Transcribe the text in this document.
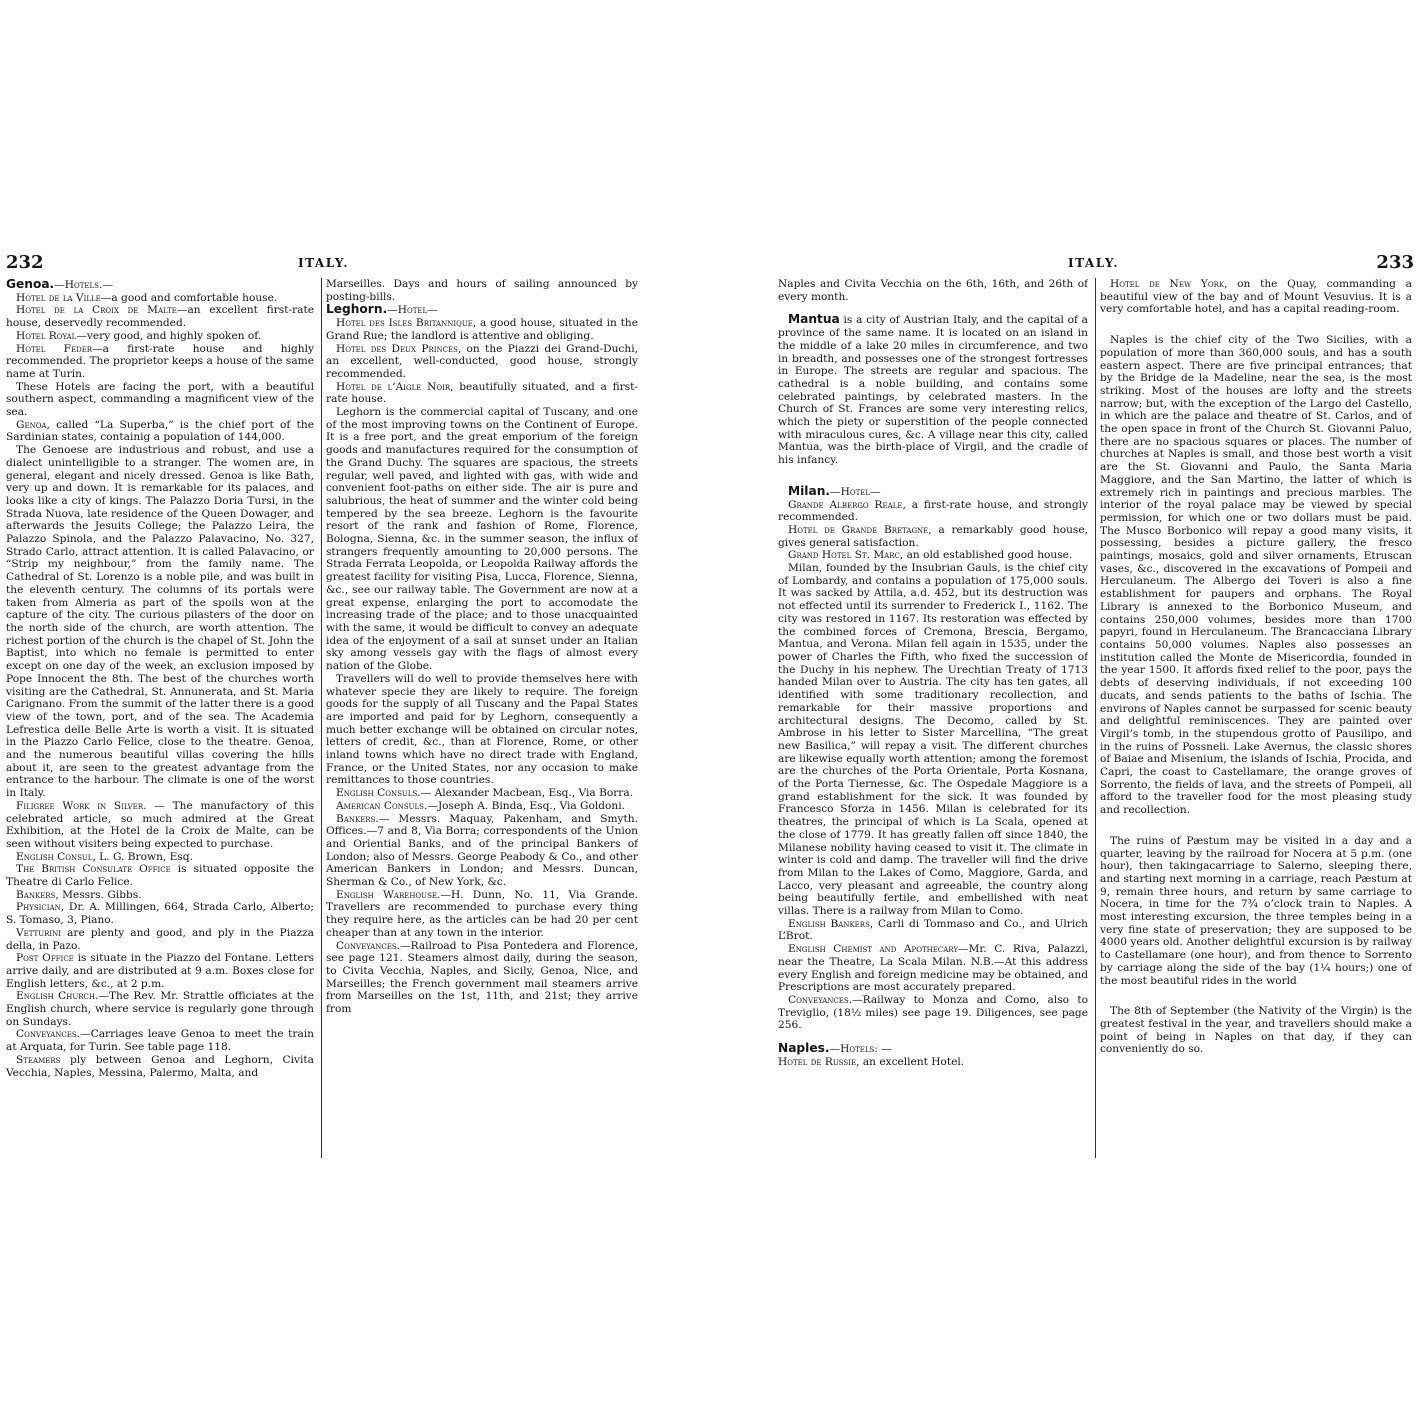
232	ITALY.

Genoa.—Hotels.—

Hotel de la Ville—a good and comfortable house.

Hotel de la Croix de Malte—an excellent first-rate house, deservedly recommended.

Hotel Royal—very good, and highly spoken of.

Hotel Feder—a first-rate house and highly recommended. The proprietor keeps a house of the same name at Turin.

These Hotels are facing the port, with a beautiful southern aspect, commanding a magnificent view of the sea.

Genoa, called “La Superba,” is the chief port of the Sardinian states, containig a population of 144,000.

The Genoese are industrious and robust, and use a dialect unintelligible to a stranger. The women are, in general, elegant and nicely dressed. Genoa is like Bath, very up and down. It is remarkable for its palaces, and looks like a city of kings. The Palazzo Doria Tursi, in the Strada Nuova, late residence of the Queen Dowager, and afterwards the Jesuits College; the Palazzo Leira, the Palazzo Spinola, and the Palazzo Palavacino, No. 327, Strado Carlo, attract attention. It is called Palavacino, or “Strip my neighbour,” from the family name. The Cathedral of St. Lorenzo is a noble pile, and was built in the eleventh century. The columns of its portals were taken from Almeria as part of the spoils won at the capture of the city. The curious pilasters of the door on the north side of the church, are worth attention. The richest portion of the church is the chapel of St. John the Baptist, into which no female is permitted to enter except on one day of the week, an exclusion imposed by Pope Innocent the 8th. The best of the churches worth visiting are the Cathedral, St. Annunerata, and St. Maria Carignano. From the summit of the latter there is a good view of the town, port, and of the sea. The Academia Lefrestica delle Belle Arte is worth a visit. It is situated in the Piazzo Carlo Felice, close to the theatre. Genoa, and the numerous beautiful villas covering the hills about it, are seen to the greatest advantage from the entrance to the harbour. The climate is one of the worst in Italy.

Filigree Work in Silver. — The manufactory of this celebrated article, so much admired at the Great Exhibition, at the Hotel de la Croix de Malte, can be seen without visiters being expected to purchase.

English Consul, L. G. Brown, Esq.

The British Consulate Office is situated opposite the Theatre di Carlo Felice.

Bankers, Messrs. Gibbs.

Physician, Dr. A. Millingen, 664, Strada Carlo, Alberto; S. Tomaso, 3, Piano.

Vetturini are plenty and good, and ply in the Piazza della, in Pazo.

Post Office is situate in the Piazzo del Fontane. Letters arrive daily, and are distributed at 9 a.m. Boxes close for English letters, &c., at 2 p.m.

English Church.—The Rev. Mr. Strattle officiates at the English church, where service is regularly gone through on Sundays.

Conveyances.—Carriages leave Genoa to meet the train at Arquata, for Turin. See table page 118.

Steamers ply between Genoa and Leghorn, Civita Vecchia, Naples, Messina, Palermo, Malta, and

Marseilles. Days and hours of sailing announced by posting-bills.

Leghorn.—Hotel—

Hotel des Isles Britannique, a good house, situated in the Grand Rue; the landlord is attentive and obliging.

Hotel des Deux Princes, on the Piazzi dei Grand-Duchi, an excellent, well-conducted, good house, strongly recommended.

Hotel de l’Aigle Noir, beautifully situated, and a first-rate house.

Leghorn is the commercial capital of Tuscany, and one of the most improving towns on the Continent of Europe. It is a free port, and the great emporium of the foreign goods and manufactures required for the consumption of the Grand Duchy. The squares are spacious, the streets regular, well paved, and lighted with gas, with wide and convenient foot-paths on either side. The air is pure and salubrious, the heat of summer and the winter cold being tempered by the sea breeze. Leghorn is the favourite resort of the rank and fashion of Rome, Florence, Bologna, Sienna, &c. in the summer season, the influx of strangers frequently amounting to 20,000 persons. The Strada Ferrata Leopolda, or Leopolda Railway affords the greatest facility for visiting Pisa, Lucca, Florence, Sienna, &c., see our railway table. The Government are now at a great expense, enlarging the port to accomodate the increasing trade of the place; and to those unacquainted with the same, it would be difficult to convey an adequate idea of the enjoyment of a sail at sunset under an Italian sky among vessels gay with the flags of almost every nation of the Globe.

Travellers will do well to provide themselves here with whatever specie they are likely to require. The foreign goods for the supply of all Tuscany and the Papal States are imported and paid for by Leghorn, consequently a much better exchange will be obtained on circular notes, letters of credit, &c., than at Florence, Rome, or other inland towns which have no direct trade with England, France, or the United States, nor any occasion to make remittances to those countries.

English Consuls.— Alexander Macbean, Esq., Via Borra.

American Consuls.—Joseph A. Binda, Esq., Via Goldoni.

Bankers.— Messrs. Maquay, Pakenham, and Smyth. Offices.—7 and 8, Via Borra; correspondents of the Union and Oriential Banks, and of the principal Bankers of London; also of Messrs. George Peabody & Co., and other American Bankers in London; and Messrs. Duncan, Sherman & Co., of New York, &c.

English Warehouse.—H. Dunn, No. 11, Via Grande. Travellers are recommended to purchase every thing they require here, as the articles can be had 20 per cent cheaper than at any town in the interior.

Conveyances.—Railroad to Pisa Pontedera and Florence, see page 121. Steamers almost daily, during the season, to Civita Vecchia, Naples, and Sicily, Genoa, Nice, and Marseilles; the French government mail steamers arrive from Marseilles on the 1st, 11th, and 21st; they arrive from

ITALY.	233

Naples and Civita Vecchia on the 6th, 16th, and 26th of every month.

Mantua is a city of Austrian Italy, and the capital of a province of the same name. It is located on an island in the middle of a lake 20 miles in circumference, and two in breadth, and possesses one of the strongest fortresses in Europe. The streets are regular and spacious. The cathedral is a noble building, and contains some celebrated paintings, by celebrated masters. In the Church of St. Frances are some very interesting relics, which the piety or superstition of the people connected with miraculous cures, &c. A village near this city, called Mantua, was the birth-place of Virgil, and the cradle of his infancy.

Milan.—Hotel—

Grande Albergo Reale, a first-rate house, and strongly recommended.

Hotel de Grande Bretagne, a remarkably good house, gives general satisfaction.

Grand Hotel St. Marc, an old established good house.

Milan, founded by the Insubrian Gauls, is the chief city of Lombardy, and contains a population of 175,000 souls. It was sacked by Attila, a.d. 452, but its destruction was not effected until its surrender to Frederick I., 1162. The city was restored in 1167. Its restoration was effected by the combined forces of Cremona, Brescia, Bergamo, Mantua, and Verona. Milan fell again in 1535, under the power of Charles the Fifth, who fixed the succession of the Duchy in his nephew. The Urechtian Treaty of 1713 handed Milan over to Austria. The city has ten gates, all identified with some traditionary recollection, and remarkable for their massive proportions and architectural designs. The Decomo, called by St. Ambrose in his letter to Sister Marcellina, “The great new Basilica,” will repay a visit. The different churches are likewise equally worth attention; among the foremost are the churches of the Porta Orientale, Porta Kosnana, of the Porta Tiernesse, &c. The Ospedale Maggiore is a grand establishment for the sick. It was founded by Francesco Sforza in 1456. Milan is celebrated for its theatres, the principal of which is La Scala, opened at the close of 1779. It has greatly fallen off since 1840, the Milanese nobility having ceased to visit it. The climate in winter is cold and damp. The traveller will find the drive from Milan to the Lakes of Como, Maggiore, Garda, and Lacco, very pleasant and agreeable, the country along being beautifully fertile, and embellished with neat villas. There is a railway from Milan to Como.

English Bankers, Carli di Tommaso and Co., and Ulrich L’Brot.

English Chemist and Apothecary—Mr. C. Riva, Palazzi, near the Theatre, La Scala Milan. N.B.—At this address every English and foreign medicine may be obtained, and Prescriptions are most accurately prepared.

Conveyances.—Railway to Monza and Como, also to Treviglio, (18½ miles) see page 19. Diligences, see page 256.

Naples.—Hotels: —

Hotel de Russie, an excellent Hotel.

Hotel de New York, on the Quay, commanding a beautiful view of the bay and of Mount Vesuvius. It is a very comfortable hotel, and has a capital reading-room.

Naples is the chief city of the Two Sicilies, with a population of more than 360,000 souls, and has a south eastern aspect. There are five principal entrances; that by the Bridge de la Madeline, near the sea, is the most striking. Most of the houses are lofty and the streets narrow; but, with the exception of the Largo del Castello, in which are the palace and theatre of St. Carlos, and of the open space in front of the Church St. Giovanni Paluo, there are no spacious squares or places. The number of churches at Naples is small, and those best worth a visit are the St. Giovanni and Paulo, the Santa Maria Maggiore, and the San Martino, the latter of which is extremely rich in paintings and precious marbles. The interior of the royal palace may be viewed by special permission, for which one or two dollars must be paid. The Musco Borbonico will repay a good many visits, it possessing, besides a picture gallery, the fresco paintings, mosaics, gold and silver ornaments, Etruscan vases, &c., discovered in the excavations of Pompeii and Herculaneum. The Albergo dei Toveri is also a fine establishment for paupers and orphans. The Royal Library is annexed to the Borbonico Museum, and contains 250,000 volumes, besides more than 1700 papyri, found in Herculaneum. The Brancacciana Library contains 50,000 volumes. Naples also possesses an institution called the Monte de Misericordia, founded in the year 1500. It affords fixed relief to the poor, pays the debts of deserving individuals, if not exceeding 100 ducats, and sends patients to the baths of Ischia. The environs of Naples cannot be surpassed for scenic beauty and delightful reminiscences. They are painted over Virgil’s tomb, in the stupendous grotto of Pausilipo, and in the ruins of Possneli. Lake Avernus, the classic shores of Baiae and Misenium, the islands of Ischia, Procida, and Capri, the coast to Castellamare, the orange groves of Sorrento, the fields of lava, and the streets of Pompeii, all afford to the traveller food for the most pleasing study and recollection.

The ruins of Pæstum may be visited in a day and a quarter, leaving by the railroad for Nocera at 5 p.m. (one hour), then takingacarriage to Salerno, sleeping there, and starting next morning in a carriage, reach Pæstum at 9, remain three hours, and return by same carriage to Nocera, in time for the 7¾ o’clock train to Naples. A most interesting excursion, the three temples being in a very fine state of preservation; they are supposed to be 4000 years old. Another delightful excursion is by railway to Castellamare (one hour), and from thence to Sorrento by carriage along the side of the bay (1¼ hours;) one of the most beautiful rides in the world

The 8th of September (the Nativity of the Virgin) is the greatest festival in the year, and travellers should make a point of being in Naples on that day, if they can conveniently do so.
